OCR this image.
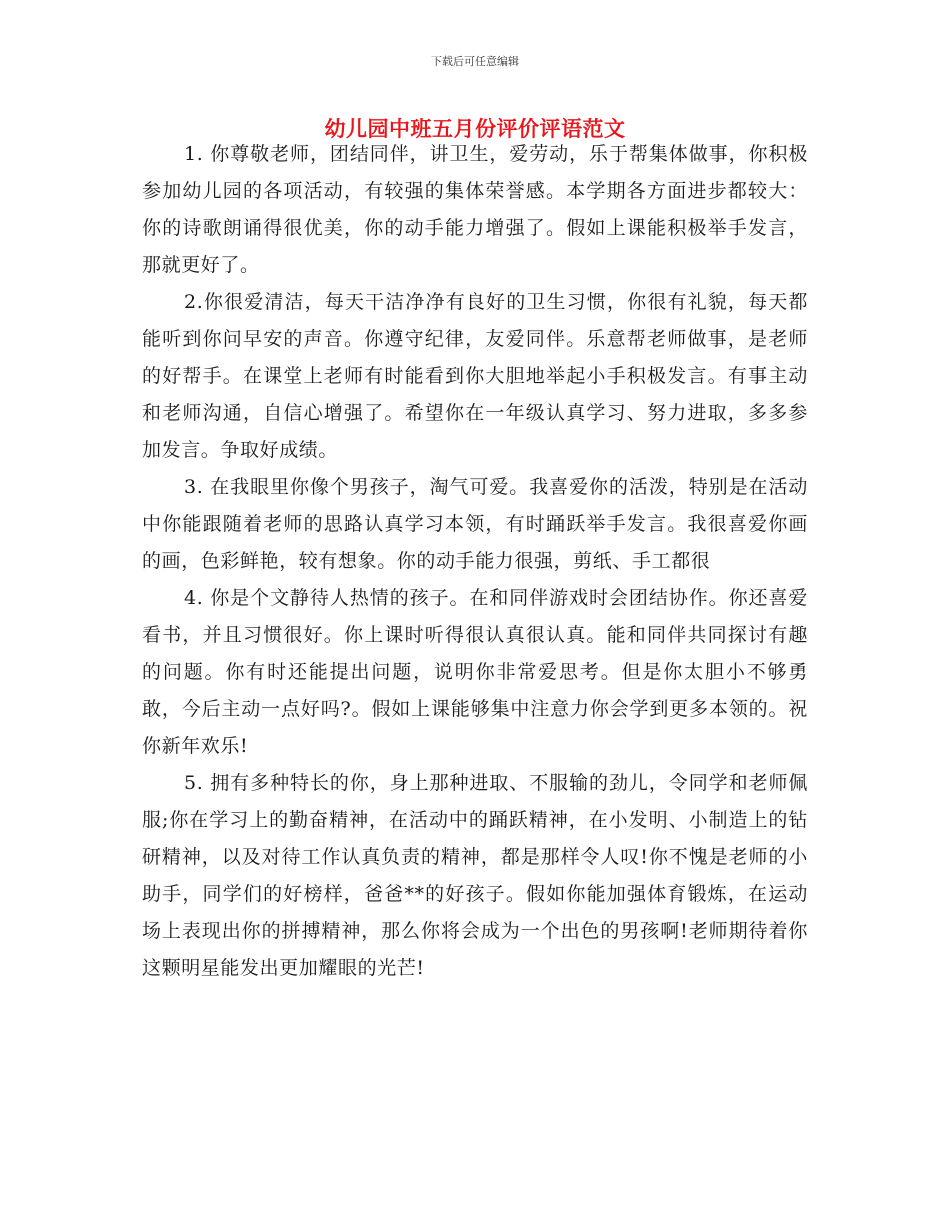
下载后可任意编辑
幼儿园中班五月份评价评语范文

1. 你尊敬老师，团结同伴，讲卫生，爱劳动，乐于帮集体做事，你积极参加幼儿园的各项活动，有较强的集体荣誉感。本学期各方面进步都较大：你的诗歌朗诵得很优美，你的动手能力增强了。假如上课能积极举手发言，那就更好了。

2.你很爱清洁，每天干洁净净有良好的卫生习惯，你很有礼貌，每天都能听到你问早安的声音。你遵守纪律，友爱同伴。乐意帮老师做事，是老师的好帮手。在课堂上老师有时能看到你大胆地举起小手积极发言。有事主动和老师沟通，自信心增强了。希望你在一年级认真学习、努力进取，多多参加发言。争取好成绩。

3. 在我眼里你像个男孩子，淘气可爱。我喜爱你的活泼，特别是在活动中你能跟随着老师的思路认真学习本领，有时踊跃举手发言。我很喜爱你画的画，色彩鲜艳，较有想象。你的动手能力很强，剪纸、手工都很

4. 你是个文静待人热情的孩子。在和同伴游戏时会团结协作。你还喜爱看书，并且习惯很好。你上课时听得很认真很认真。能和同伴共同探讨有趣的问题。你有时还能提出问题，说明你非常爱思考。但是你太胆小不够勇敢，今后主动一点好吗?。假如上课能够集中注意力你会学到更多本领的。祝你新年欢乐!

5. 拥有多种特长的你，身上那种进取、不服输的劲儿，令同学和老师佩服;你在学习上的勤奋精神，在活动中的踊跃精神，在小发明、小制造上的钻研精神，以及对待工作认真负责的精神，都是那样令人叹!你不愧是老师的小助手，同学们的好榜样，爸爸**的好孩子。假如你能加强体育锻炼，在运动场上表现出你的拼搏精神，那么你将会成为一个出色的男孩啊!老师期待着你这颗明星能发出更加耀眼的光芒!
